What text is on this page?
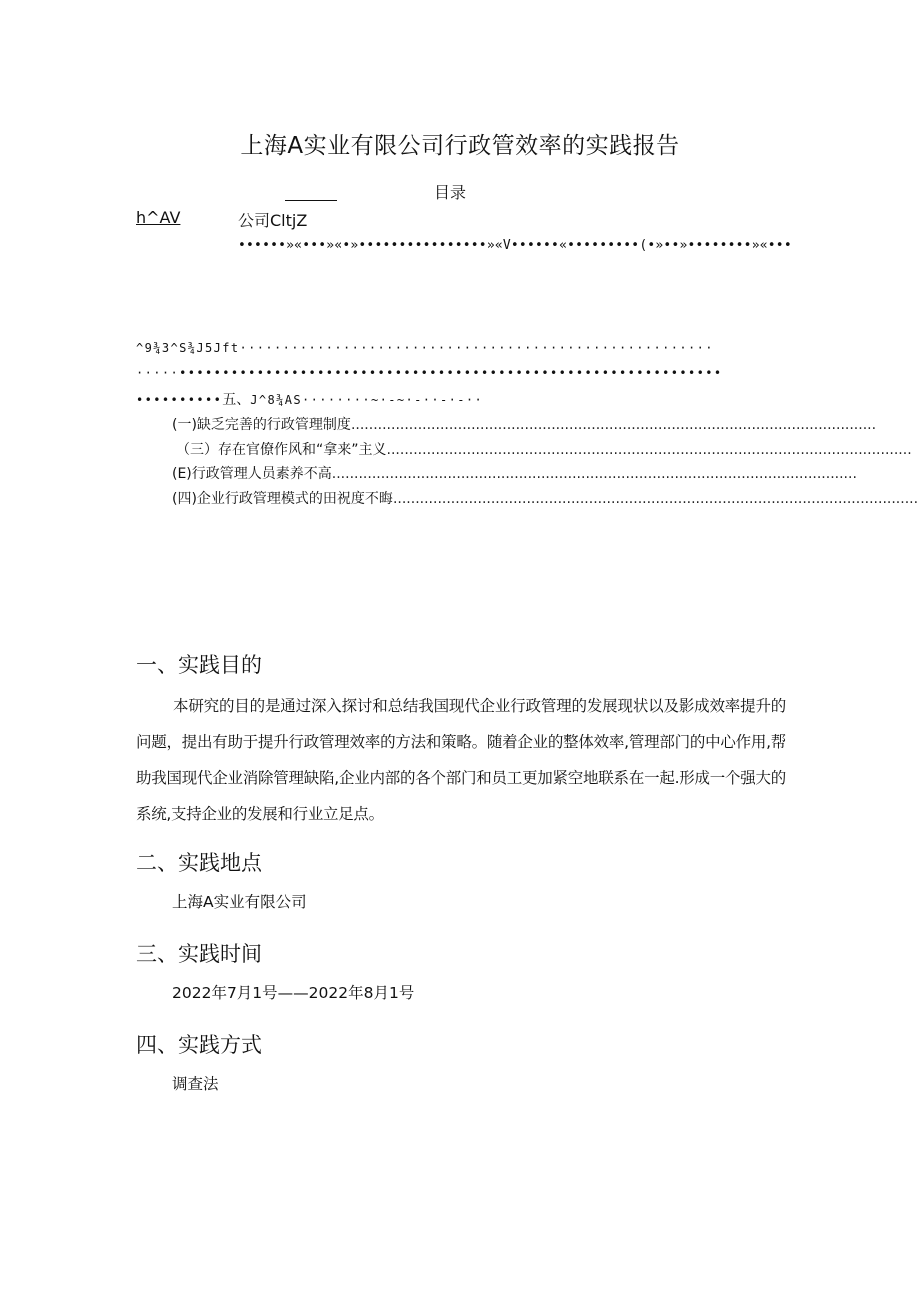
上海A实业有限公司行政管效率的实践报告
目录
h^AV	公司CltjZ
••••••»«•••»«•»••••••••••••••••»«V••••••«•••••••••(•»••»••••••••»«•••
^9¾3^S¾J5Jft·······················································
·····•••••••••••••••••••••••••••••••••••••••••••••••••••••••••••••••
••••••••••五、J^8¾AS········~·-~·-··-·-··
(一)缺乏完善的行政管理制度......................................................................................................................
（三）存在官僚作风和“拿来”主义......................................................................................................................
(E)行政管理人员素养不高......................................................................................................................
(四)企业行政管理模式的田祝度不晦......................................................................................................................
一、实践目的
本研究的目的是通过深入探讨和总结我国现代企业行政管理的发展现状以及影成效率提升的问题，提出有助于提升行政管理效率的方法和策略。随着企业的整体效率,管理部门的中心作用,帮助我国现代企业消除管理缺陷,企业内部的各个部门和员工更加紧空地联系在一起.形成一个强大的系统,支持企业的发展和行业立足点。
二、实践地点
上海A实业有限公司
三、实践时间
2022年7月1号——2022年8月1号
四、实践方式
调查法
